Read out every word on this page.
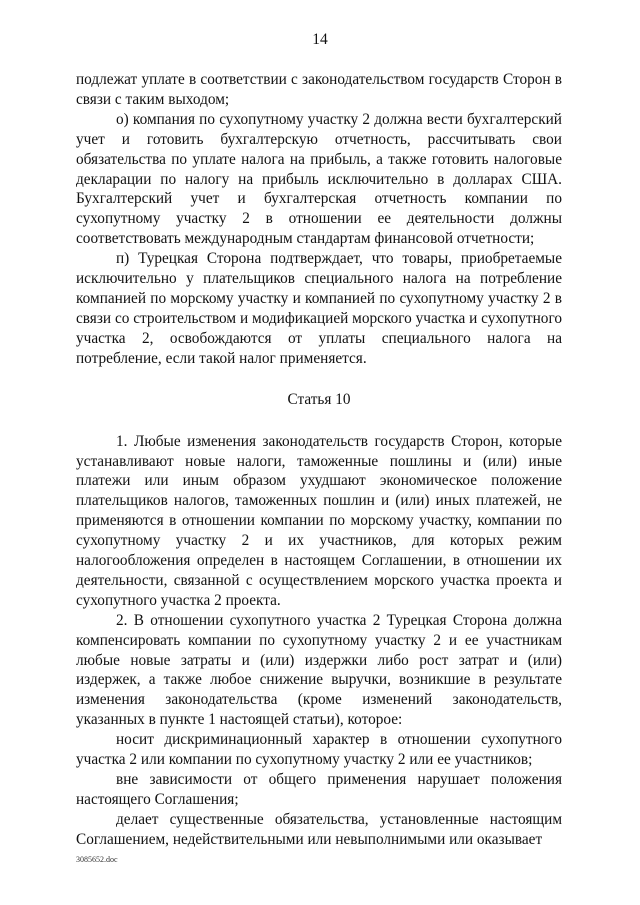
14

подлежат уплате в соответствии с законодательством государств Сторон в связи с таким выходом;

о) компания по сухопутному участку 2 должна вести бухгалтерский учет и готовить бухгалтерскую отчетность, рассчитывать свои обязательства по уплате налога на прибыль, а также готовить налоговые декларации по налогу на прибыль исключительно в долларах США. Бухгалтерский учет и бухгалтерская отчетность компании по сухопутному участку 2 в отношении ее деятельности должны соответствовать международным стандартам финансовой отчетности;

п) Турецкая Сторона подтверждает, что товары, приобретаемые исключительно у плательщиков специального налога на потребление компанией по морскому участку и компанией по сухопутному участку 2 в связи со строительством и модификацией морского участка и сухопутного участка 2, освобождаются от уплаты специального налога на потребление, если такой налог применяется.

Статья 10

1. Любые изменения законодательств государств Сторон, которые устанавливают новые налоги, таможенные пошлины и (или) иные платежи или иным образом ухудшают экономическое положение плательщиков налогов, таможенных пошлин и (или) иных платежей, не применяются в отношении компании по морскому участку, компании по сухопутному участку 2 и их участников, для которых режим налогообложения определен в настоящем Соглашении, в отношении их деятельности, связанной с осуществлением морского участка проекта и сухопутного участка 2 проекта.

2. В отношении сухопутного участка 2 Турецкая Сторона должна компенсировать компании по сухопутному участку 2 и ее участникам любые новые затраты и (или) издержки либо рост затрат и (или) издержек, а также любое снижение выручки, возникшие в результате изменения законодательства (кроме изменений законодательств, указанных в пункте 1 настоящей статьи), которое:

носит дискриминационный характер в отношении сухопутного участка 2 или компании по сухопутному участку 2 или ее участников;

вне зависимости от общего применения нарушает положения настоящего Соглашения;

делает существенные обязательства, установленные настоящим Соглашением, недействительными или невыполнимыми или оказывает

3085652.doc
